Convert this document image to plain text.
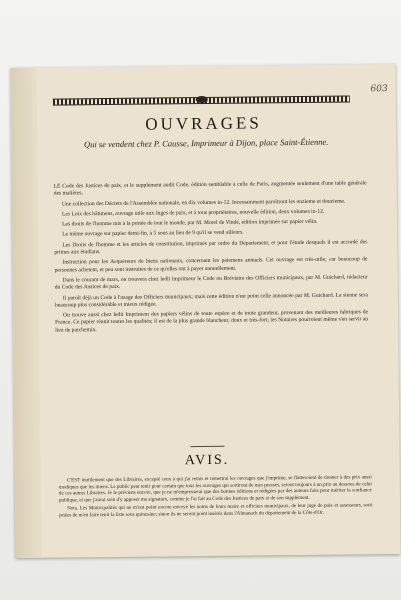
603
OUVRAGES
Qui se vendent chez P. Causse, Imprimeur à Dijon, place Saint-Étienne.

LE Code des Justices de paix, et le supplément audit Code, édition semblable à celle de Paris, augmentée seulement d'une table générale des matières.

Une collection des Décrets de l'Assemblée nationale, en dix volumes in-12. Incessamment paroîtront les onzieme et douzieme.

Les Loix des bâtimens, ouvrage utile aux Juges de paix, et à tous propriétaires, nouvelle édition, deux volumes in-12.

Les droits de l'homme mis à la portée de tout le monde, par M. Morel de Vindé, édition imprimée sur papier vélin.

Le même ouvrage sur papier demi-fin, à 5 sous au lieu de 9 qu'il se vend ailleurs.

Les Droits de l'homme et les articles de constitution, imprimés par ordre du Département, et pour l'étude desquels il est accordé des primes aux étudians.

Instruction pour les Acquéreurs de biens nationaux, concernant les paiemens annuels. Cet ouvrage est très-utile; car beaucoup de personnes achetent, et peu sont instruites de ce qu'elles ont à payer annuellement.

Dans le courant de mars, on trouvera chez ledit imprimeur le Code ou Bréviaire des Officiers municipaux, par M. Guichard, rédacteur du Code des Justices de paix.

Il paroît déjà un Code à l'usage des Officiers municipaux; mais cette édition n'est point celle annoncée par M. Guichard. La sienne sera beaucoup plus considérable et mieux rédigée.

On trouve aussi chez ledit Imprimeur des papiers vélins de toute espèce et de toute grandeur, provenant des meilleures fabriques de France. Ce papier réunit toutes les qualités; il est de la plus grande blancheur, doux et très-fort; les Notaires pourroient même s'en servir au lieu de parchemin.

AVIS.

C'EST inutilement que des Libraires, excepté ceux à qui j'ai remis et remettrai les ouvrages que j'imprime, se flatteroient de donner à des prix aussi modiques que les miens. Le public peut tenir pour certain que tous les ouvrages qui sortiront de mes presses, seront toujours à un prix au dessous de celui de ces autres Libraires. Je le préviens encore, que je ne m'empresserai que des bonnes éditions et rédigées par des auteurs faits pour mériter la confiance publique, et que j'aurai soin d'y apposer ma signature, comme je l'ai fait au Code des Justices de paix et de son supplément.

Nota. Les Municipalités qui ne m'ont point encore envoyé les noms de leurs maire et officiers municipaux, de leur juge de paix et assesseurs, sont priées de m'en faire tenir la liste sous quinzaine; sinon ils ne seront point insérés dans l'Almanach du département de la Côte-d'Or.
